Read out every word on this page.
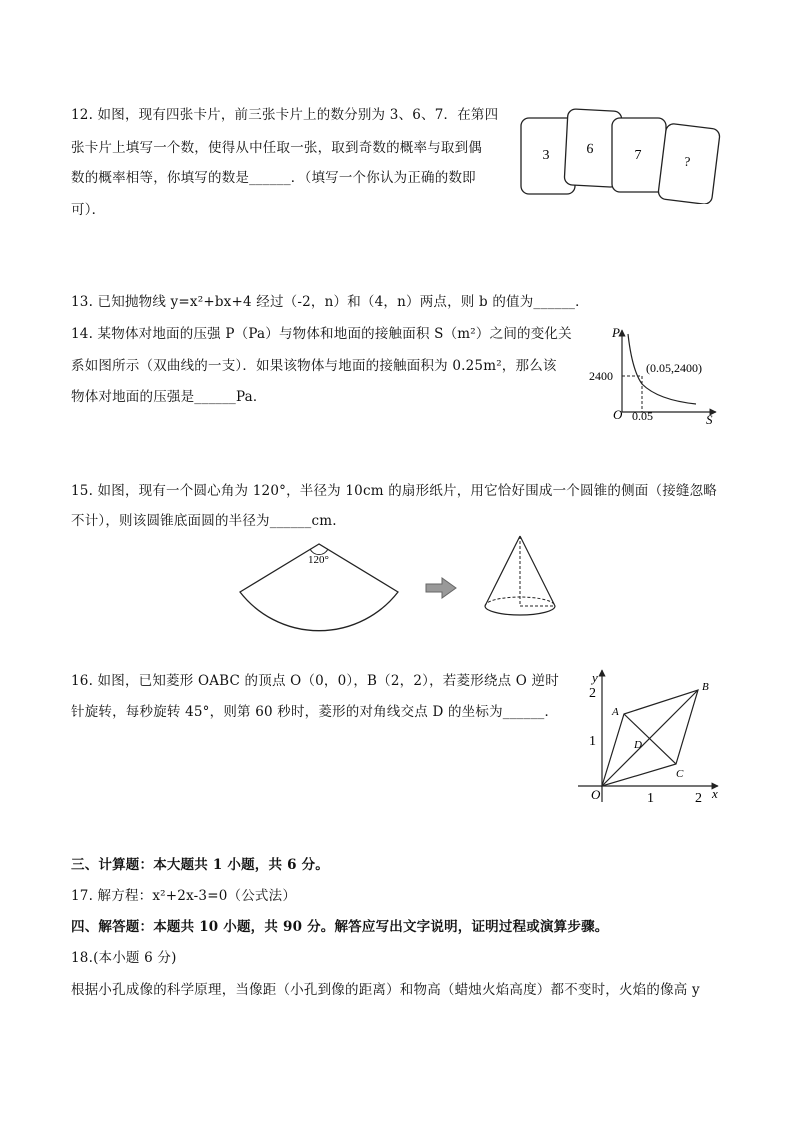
12. 如图，现有四张卡片，前三张卡片上的数分别为 3、6、7．在第四
张卡片上填写一个数，使得从中任取一张，取到奇数的概率与取到偶
数的概率相等，你填写的数是______．（填写一个你认为正确的数即
可）．
3	6	7	?
13. 已知抛物线 y=x²+bx+4 经过（-2，n）和（4，n）两点，则 b 的值为______．
14. 某物体对地面的压强 P（Pa）与物体和地面的接触面积 S（m²）之间的变化关
系如图所示（双曲线的一支）．如果该物体与地面的接触面积为 0.25m²，那么该
物体对地面的压强是______Pa．
P
S
O
2400
0.05
(0.05,2400)
15. 如图，现有一个圆心角为 120°，半径为 10cm 的扇形纸片，用它恰好围成一个圆锥的侧面（接缝忽略
不计），则该圆锥底面圆的半径为______cm.
120°
16. 如图，已知菱形 OABC 的顶点 O（0，0），B（2，2），若菱形绕点 O 逆时
针旋转，每秒旋转 45°，则第 60 秒时，菱形的对角线交点 D 的坐标为______．
y
x
O	1	2
1
2
A
B
C
D
三、计算题：本大题共 1 小题，共 6 分。
17. 解方程：x²+2x-3=0（公式法）
四、解答题：本题共 10 小题，共 90 分。解答应写出文字说明，证明过程或演算步骤。
18.(本小题 6 分)
根据小孔成像的科学原理，当像距（小孔到像的距离）和物高（蜡烛火焰高度）都不变时，火焰的像高 y
